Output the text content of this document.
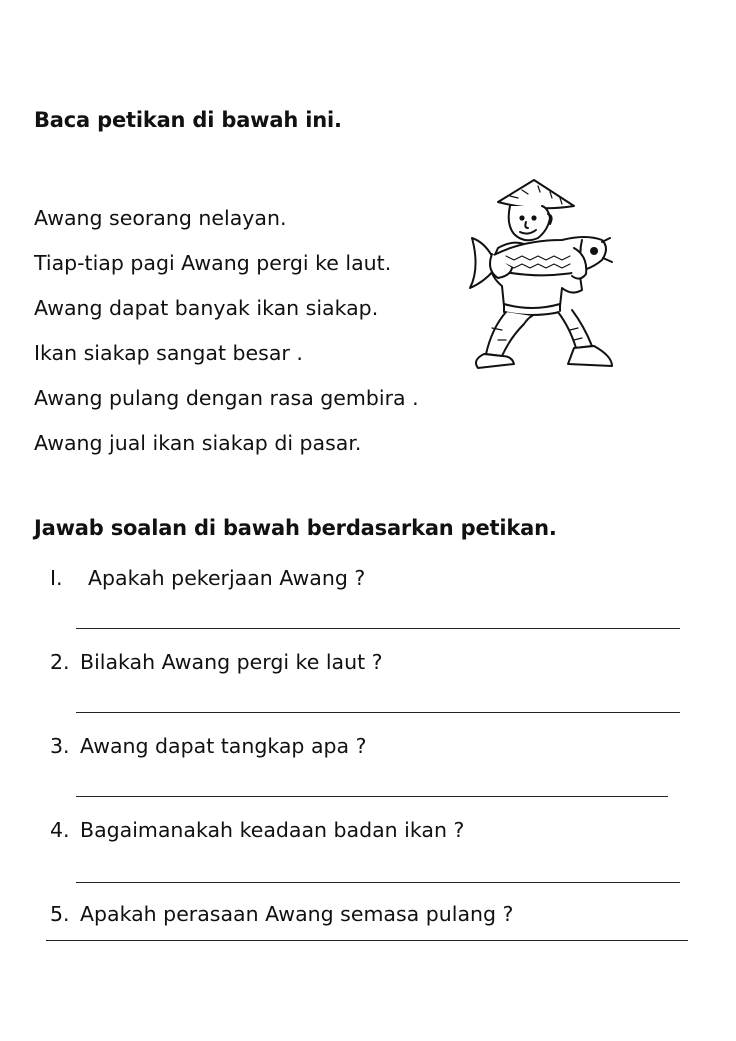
Baca petikan di bawah ini.
Awang seorang nelayan.
Tiap-tiap pagi Awang pergi ke laut.
Awang dapat banyak ikan siakap.
Ikan siakap sangat besar .
Awang pulang dengan rasa gembira .
Awang jual ikan siakap di pasar.
Jawab soalan di bawah berdasarkan petikan.
I. Apakah pekerjaan Awang ?
2. Bilakah Awang pergi ke laut ?
3. Awang dapat tangkap apa ?
4. Bagaimanakah keadaan badan ikan ?
5. Apakah perasaan Awang semasa pulang ?
